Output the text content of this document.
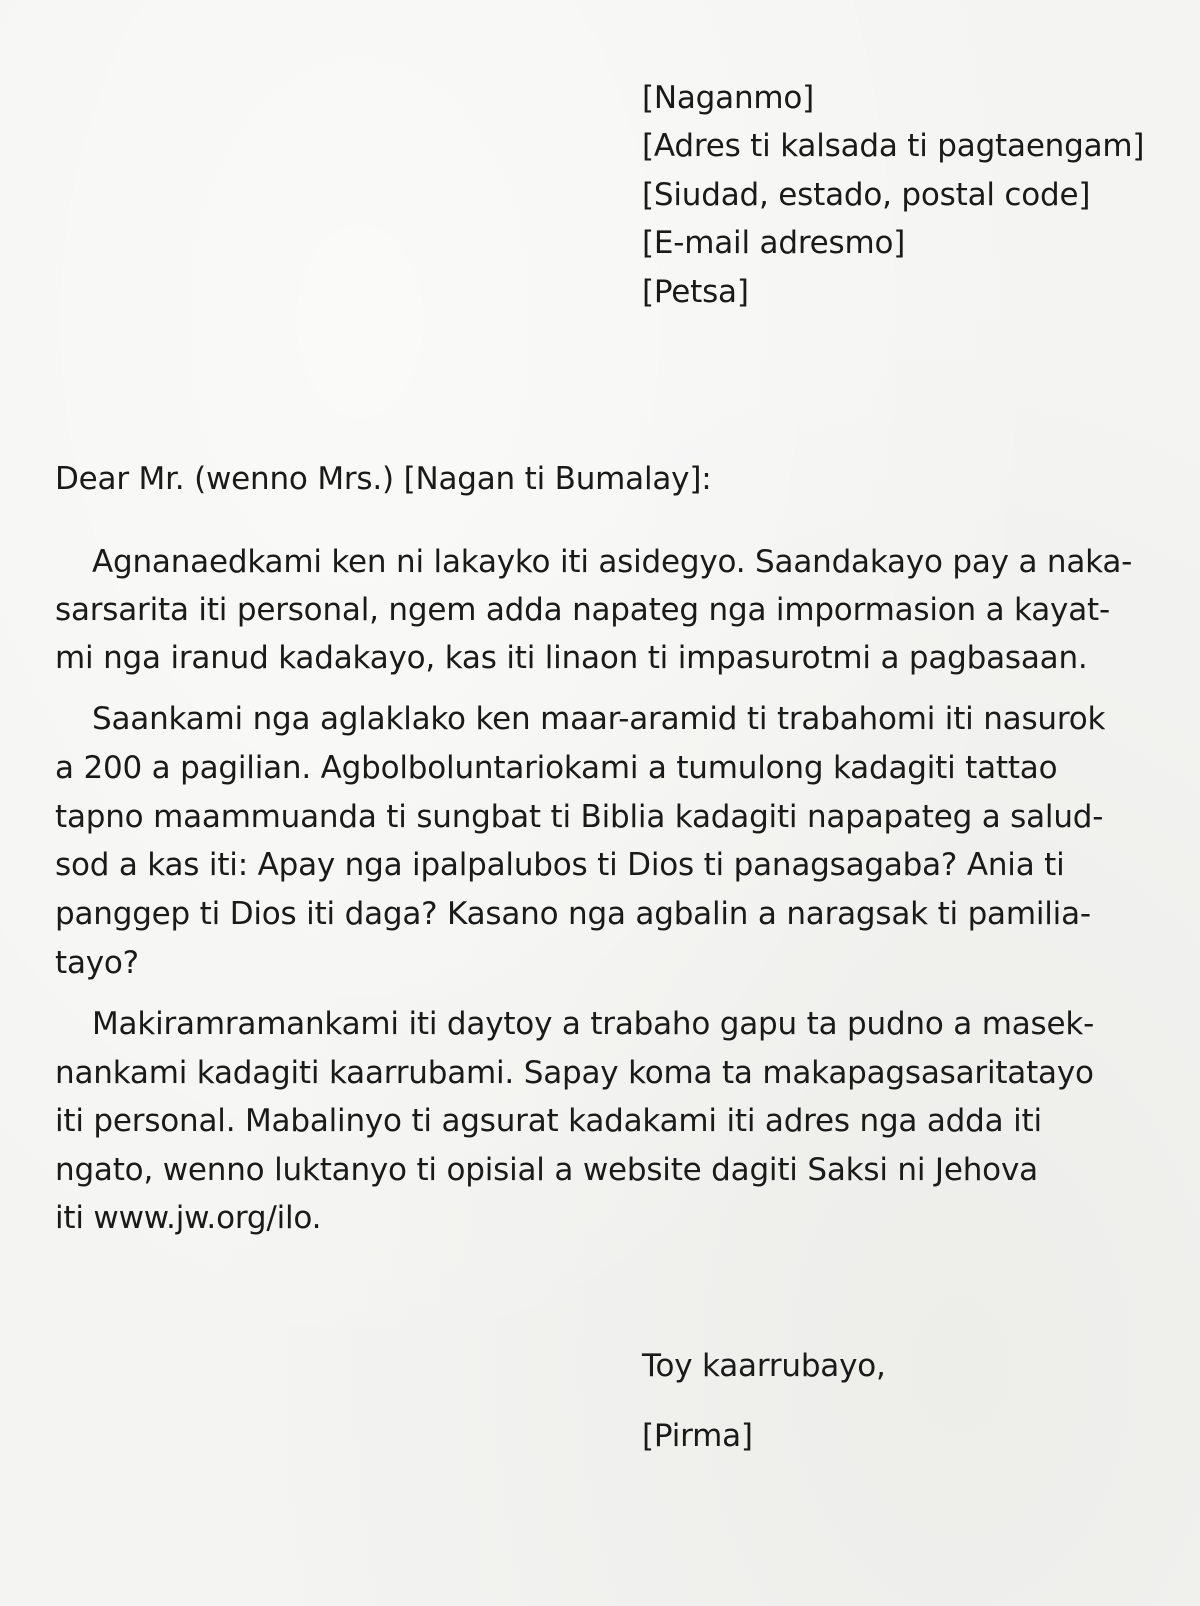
[Naganmo]
[Adres ti kalsada ti pagtaengam]
[Siudad, estado, postal code]
[E-mail adresmo]
[Petsa]
Dear Mr. (wenno Mrs.) [Nagan ti Bumalay]:
Agnanaedkami ken ni lakayko iti asidegyo. Saandakayo pay a naka-
sarsarita iti personal, ngem adda napateg nga impormasion a kayat-
mi nga iranud kadakayo, kas iti linaon ti impasurotmi a pagbasaan.
Saankami nga aglaklako ken maar-aramid ti trabahomi iti nasurok
a 200 a pagilian. Agbolboluntariokami a tumulong kadagiti tattao
tapno maammuanda ti sungbat ti Biblia kadagiti napapateg a salud-
sod a kas iti: Apay nga ipalpalubos ti Dios ti panagsagaba? Ania ti
panggep ti Dios iti daga? Kasano nga agbalin a naragsak ti pamilia-
tayo?
Makiramramankami iti daytoy a trabaho gapu ta pudno a masek-
nankami kadagiti kaarrubami. Sapay koma ta makapagsasaritatayo
iti personal. Mabalinyo ti agsurat kadakami iti adres nga adda iti
ngato, wenno luktanyo ti opisial a website dagiti Saksi ni Jehova
iti www.jw.org/ilo.
Toy kaarrubayo,
[Pirma]
